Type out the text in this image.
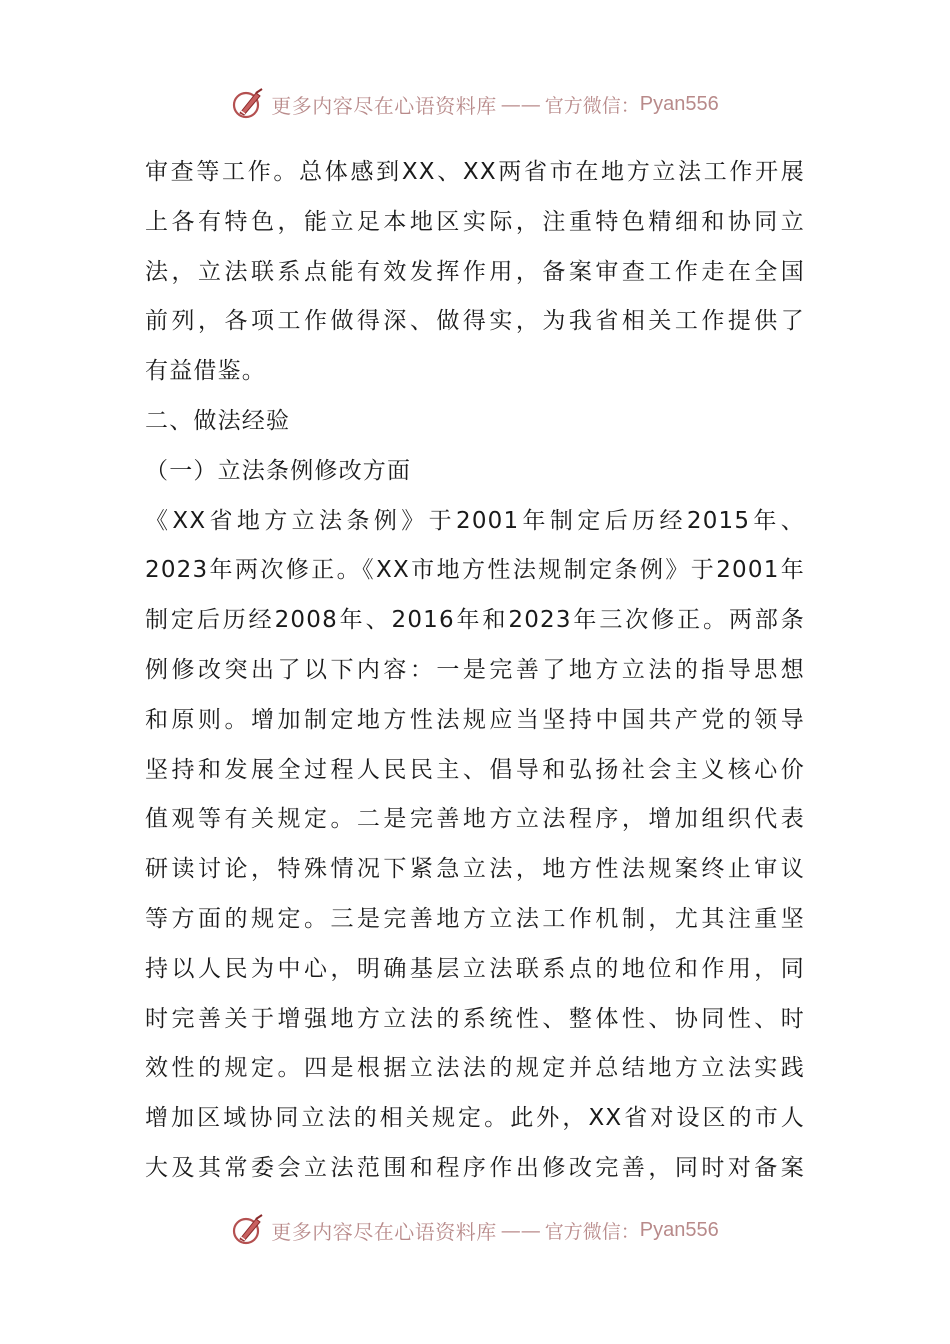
更多内容尽在心语资料库 —— 官方微信： Pyan556
审查等工作。总体感到XX、XX两省市在地方立法工作开展
上各有特色，能立足本地区实际，注重特色精细和协同立
法，立法联系点能有效发挥作用，备案审查工作走在全国
前列，各项工作做得深、做得实，为我省相关工作提供了
有益借鉴。
二、做法经验
（一）立法条例修改方面
《XX省地方立法条例》于2001年制定后历经2015年、
2023年两次修正。《XX市地方性法规制定条例》于2001年
制定后历经2008年、2016年和2023年三次修正。两部条
例修改突出了以下内容：一是完善了地方立法的指导思想
和原则。增加制定地方性法规应当坚持中国共产党的领导
坚持和发展全过程人民民主、倡导和弘扬社会主义核心价
值观等有关规定。二是完善地方立法程序，增加组织代表
研读讨论，特殊情况下紧急立法，地方性法规案终止审议
等方面的规定。三是完善地方立法工作机制，尤其注重坚
持以人民为中心，明确基层立法联系点的地位和作用，同
时完善关于增强地方立法的系统性、整体性、协同性、时
效性的规定。四是根据立法法的规定并总结地方立法实践
增加区域协同立法的相关规定。此外，XX省对设区的市人
大及其常委会立法范围和程序作出修改完善，同时对备案
更多内容尽在心语资料库 —— 官方微信： Pyan556
